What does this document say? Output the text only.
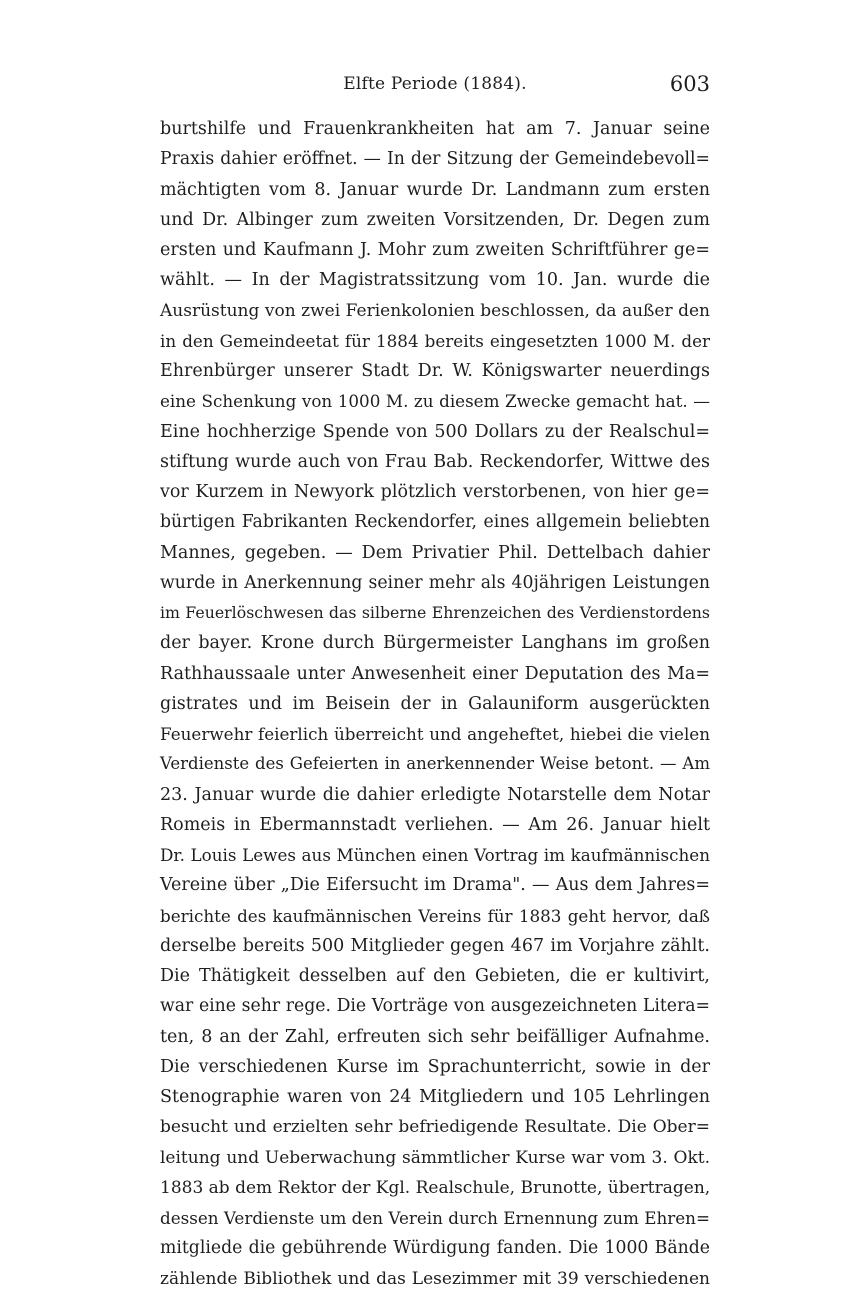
Elfte Periode (1884).	603
burtshilfe und Frauenkrankheiten hat am 7. Januar seine
Praxis dahier eröffnet. — In der Sitzung der Gemeindebevoll=
mächtigten vom 8. Januar wurde Dr. Landmann zum ersten
und Dr. Albinger zum zweiten Vorsitzenden, Dr. Degen zum
ersten und Kaufmann J. Mohr zum zweiten Schriftführer ge=
wählt. — In der Magistratssitzung vom 10. Jan. wurde die
Ausrüstung von zwei Ferienkolonien beschlossen, da außer den
in den Gemeindeetat für 1884 bereits eingesetzten 1000 M. der
Ehrenbürger unserer Stadt Dr. W. Königswarter neuerdings
eine Schenkung von 1000 M. zu diesem Zwecke gemacht hat. —
Eine hochherzige Spende von 500 Dollars zu der Realschul=
stiftung wurde auch von Frau Bab. Reckendorfer, Wittwe des
vor Kurzem in Newyork plötzlich verstorbenen, von hier ge=
bürtigen Fabrikanten Reckendorfer, eines allgemein beliebten
Mannes, gegeben. — Dem Privatier Phil. Dettelbach dahier
wurde in Anerkennung seiner mehr als 40jährigen Leistungen
im Feuerlöschwesen das silberne Ehrenzeichen des Verdienstordens
der bayer. Krone durch Bürgermeister Langhans im großen
Rathhaussaale unter Anwesenheit einer Deputation des Ma=
gistrates und im Beisein der in Galauniform ausgerückten
Feuerwehr feierlich überreicht und angeheftet, hiebei die vielen
Verdienste des Gefeierten in anerkennender Weise betont. — Am
23. Januar wurde die dahier erledigte Notarstelle dem Notar
Romeis in Ebermannstadt verliehen. — Am 26. Januar hielt
Dr. Louis Lewes aus München einen Vortrag im kaufmännischen
Vereine über „Die Eifersucht im Drama". — Aus dem Jahres=
berichte des kaufmännischen Vereins für 1883 geht hervor, daß
derselbe bereits 500 Mitglieder gegen 467 im Vorjahre zählt.
Die Thätigkeit desselben auf den Gebieten, die er kultivirt,
war eine sehr rege. Die Vorträge von ausgezeichneten Litera=
ten, 8 an der Zahl, erfreuten sich sehr beifälliger Aufnahme.
Die verschiedenen Kurse im Sprachunterricht, sowie in der
Stenographie waren von 24 Mitgliedern und 105 Lehrlingen
besucht und erzielten sehr befriedigende Resultate. Die Ober=
leitung und Ueberwachung sämmtlicher Kurse war vom 3. Okt.
1883 ab dem Rektor der Kgl. Realschule, Brunotte, übertragen,
dessen Verdienste um den Verein durch Ernennung zum Ehren=
mitgliede die gebührende Würdigung fanden. Die 1000 Bände
zählende Bibliothek und das Lesezimmer mit 39 verschiedenen
